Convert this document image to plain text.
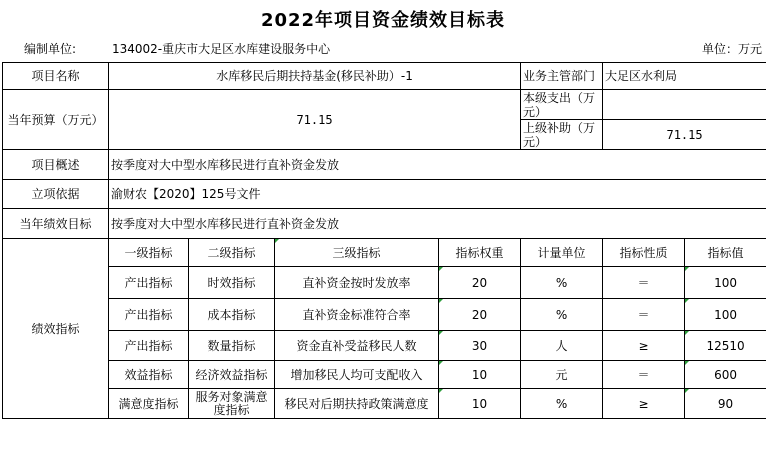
2022年项目资金绩效目标表
编制单位:	134002-重庆市大足区水库建设服务中心	单位：万元
项目名称	水库移民后期扶持基金(移民补助）-1				业务主管部门	大足区水利局	
当年预算（万元）	71.15				本级支出（万元）		
					上级补助（万元）	71.15	
项目概述	按季度对大中型水库移民进行直补资金发放						
立项依据	渝财农【2020】125号文件						
当年绩效目标	按季度对大中型水库移民进行直补资金发放						
绩效指标	一级指标	二级指标	三级指标	指标权重	计量单位	指标性质	指标值
	产出指标	时效指标	直补资金按时发放率	20	%	＝	100
	产出指标	成本指标	直补资金标准符合率	20	%	＝	100
	产出指标	数量指标	资金直补受益移民人数	30	人	≥	12510
	效益指标	经济效益指标	增加移民人均可支配收入	10	元	＝	600
	满意度指标	服务对象满意度指标	移民对后期扶持政策满意度	10	%	≥	90
